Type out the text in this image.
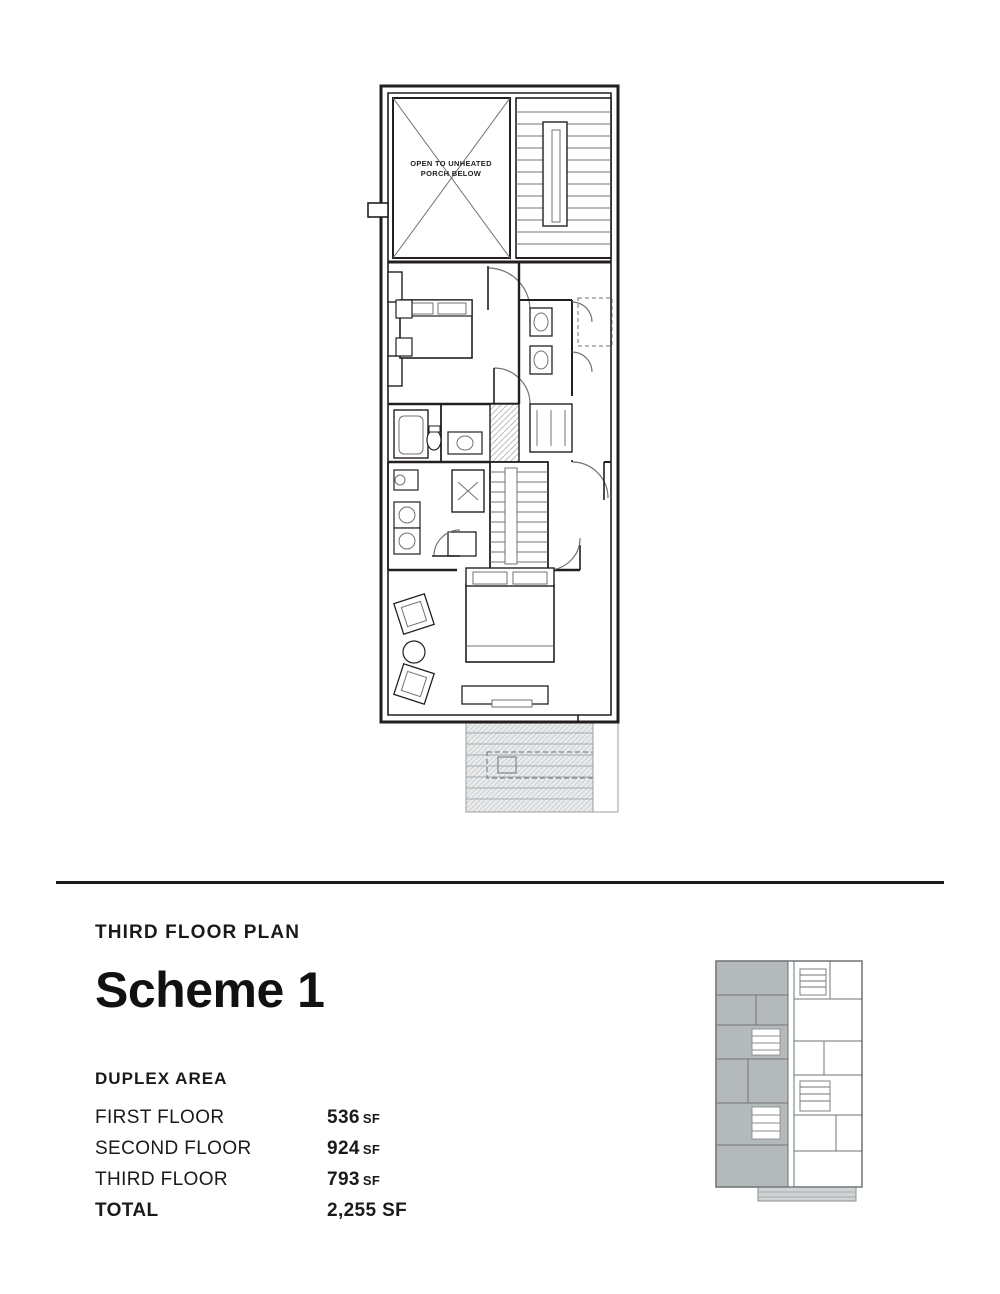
OPEN TO UNHEATED
PORCH BELOW
THIRD FLOOR PLAN
Scheme 1
DUPLEX AREA
FIRST FLOOR	536 SF
SECOND FLOOR	924 SF
THIRD FLOOR	793 SF
TOTAL	2,255 SF
